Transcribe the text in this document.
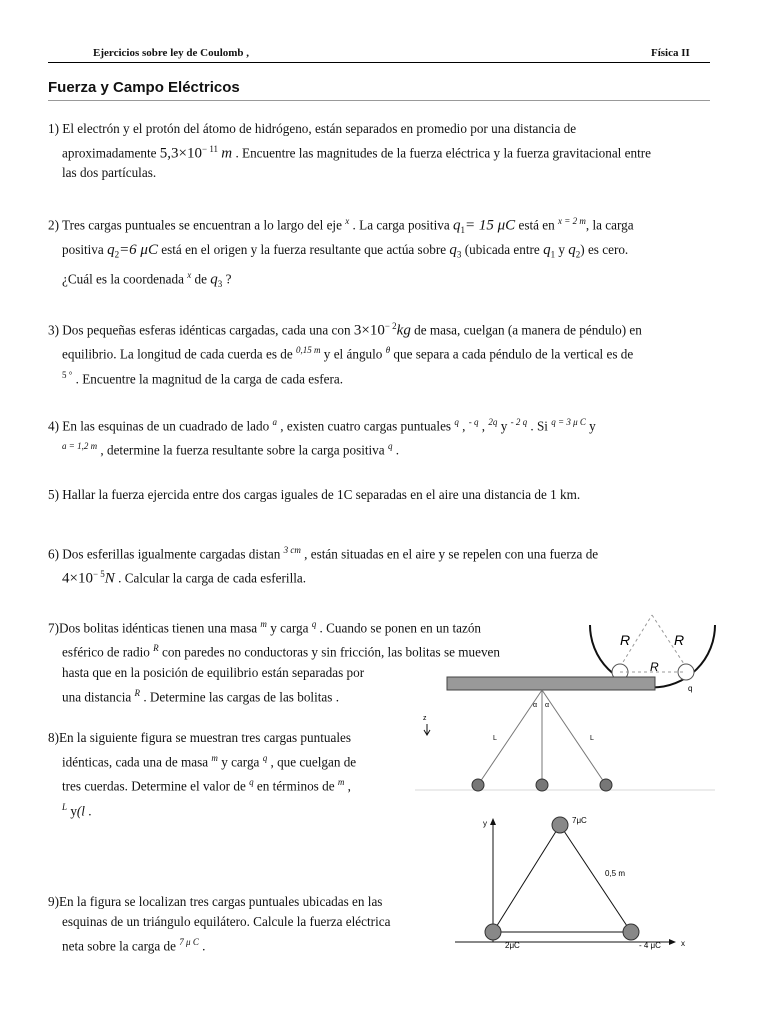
Ejercicios sobre ley de Coulomb ,	Física II
Fuerza y Campo Eléctricos
1) El electrón y el protón del átomo de hidrógeno, están separados en promedio por una distancia de

aproximadamente $5,3\times 10^{- 11}$ m . Encuentre las magnitudes de la fuerza eléctrica y la fuerza gravitacional entre
las dos partículas.
2) Tres cargas puntuales se encuentran a lo largo del eje $^x$ . La carga positiva $q_1= 15$ μC está en $^{x = 2 m}$, la carga

positiva $q_2=6$ μC está en el origen y la fuerza resultante que actúa sobre $q_3$ (ubicada entre $q_1$ y $q_2$) es cero.
¿Cuál es la coordenada $^x$ de $q_3$ ?
3) Dos pequeñas esferas idénticas cargadas, cada una con $3\times 10^{- 2}kg$ de masa, cuelgan (a manera de péndulo) en

equilibrio. La longitud de cada cuerda es de $^{0,15 m}$ y el ángulo $^\theta$ que separa a cada péndulo de la vertical es de
$^{5 ^\circ}$ . Encuentre la magnitud de la carga de cada esfera.
4) En las esquinas de un cuadrado de lado $^a$ , existen cuatro cargas puntuales $^q$ , $^{- q}$ , $^{2q}$ y $^{- 2 q}$ . Si $^{q = 3 \mu C}$ y

$^{a = 1,2 m}$ , determine la fuerza resultante sobre la carga positiva $^q$ .
5) Hallar la fuerza ejercida entre dos cargas iguales de 1C separadas en el aire una distancia de 1 km.
6) Dos esferillas igualmente cargadas distan $^{3 cm}$ , están situadas en el aire y se repelen con una fuerza de

$4\times 10^{- 5}N$ . Calcular la carga de cada esferilla.
7)Dos bolitas idénticas tienen una masa $^m$ y carga $^q$ . Cuando se ponen en un tazón

esférico de radio $^R$ con paredes no conductoras y sin fricción, las bolitas se mueven
hasta que en la posición de equilibrio están separadas por
una distancia $^R$ . Determine las cargas de las bolitas .
8)En la siguiente figura se muestran tres cargas puntuales

idénticas, cada una de masa $^m$ y carga $^q$ , que cuelgan de
tres cuerdas. Determine el valor de $^q$ en términos de $^m$ ,
$^L$ y(l .
9)En la figura se localizan tres cargas puntuales ubicadas en las

esquinas de un triángulo equilátero. Calcule la fuerza eléctrica
neta sobre la carga de $^{7 \mu C}$ .
R	R
R
q
z
α α
L	L
y
x
7μC
0,5 m
2μC	- 4 μC
